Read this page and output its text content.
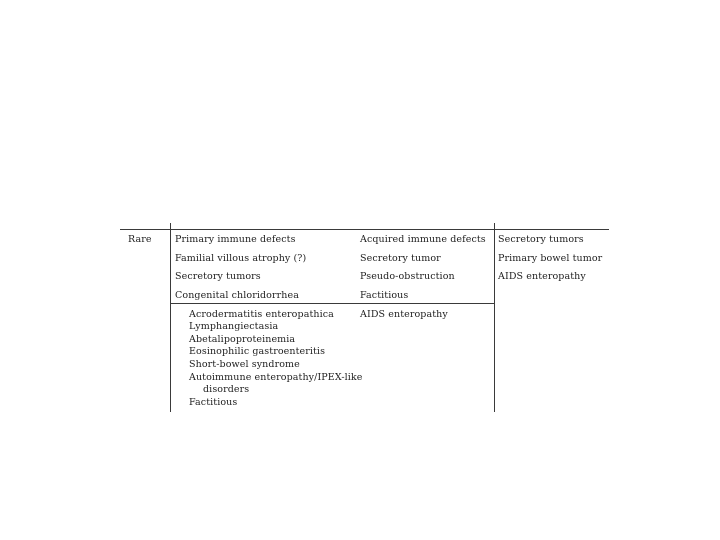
Rare Primary immune defects
Familial villous atrophy (?)
Secretory tumors
Congenital chloridorrhea
Acrodermatitis enteropathica
Lymphangiectasia
Abetalipoproteinemia
Eosinophilic gastroenteritis
Short-bowel syndrome
Autoimmune enteropathy/IPEX-like
disorders
Factitious
Acquired immune defects
Secretory tumor
Pseudo-obstruction
Factitious
AIDS enteropathy
Secretory tumors
Primary bowel tumor
AIDS enteropathy
